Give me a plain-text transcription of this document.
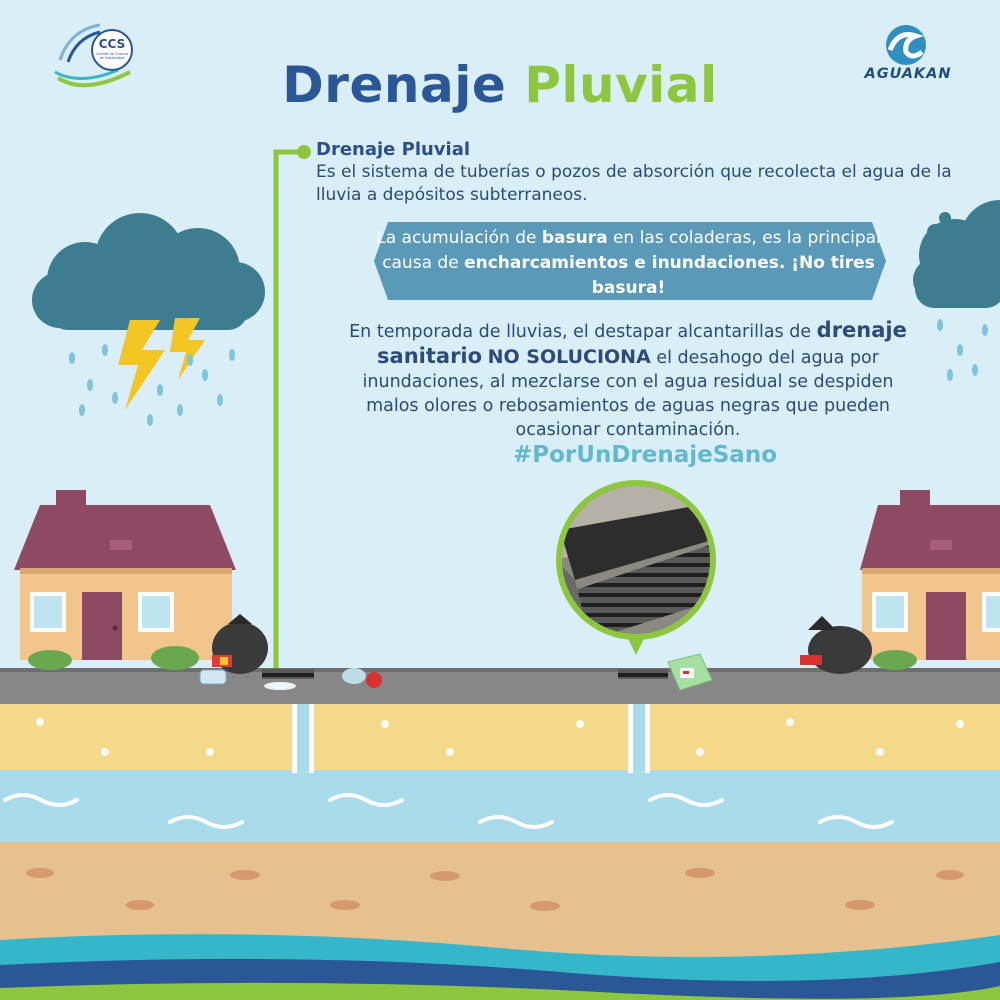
CCS
Comité de Cuenca de Solidaridad
AGUAKAN
Drenaje Pluvial
Drenaje Pluvial
Es el sistema de tuberías o pozos de absorción que recolecta el agua de la lluvia a depósitos subterraneos.
La acumulación de basura en las coladeras, es la principal causa de encharcamientos e inundaciones. ¡No tires basura!
En temporada de lluvias, el destapar alcantarillas de drenaje sanitario NO SOLUCIONA el desahogo del agua por inundaciones, al mezclarse con el agua residual se despiden malos olores o rebosamientos de aguas negras que pueden ocasionar contaminación.
#PorUnDrenajeSano
